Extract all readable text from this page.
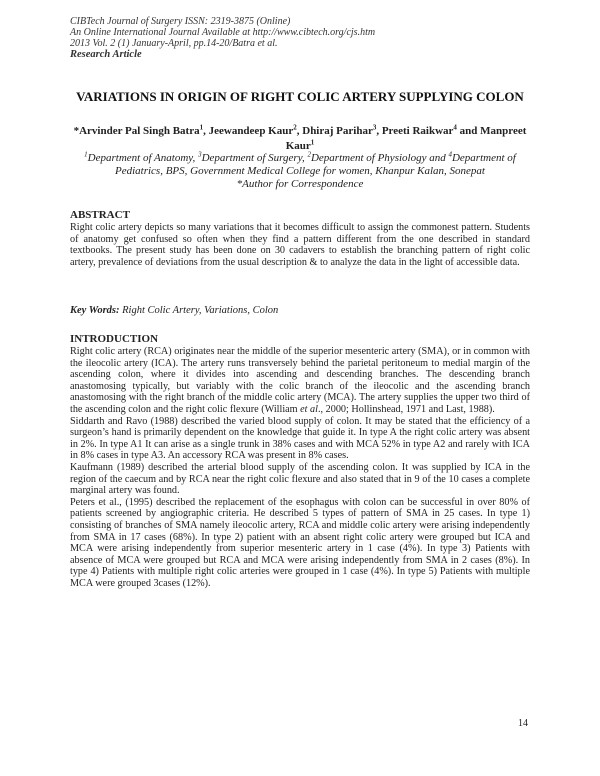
CIBTech Journal of Surgery ISSN: 2319-3875 (Online)
An Online International Journal Available at http://www.cibtech.org/cjs.htm
2013 Vol. 2 (1) January-April, pp.14-20/Batra et al.
Research Article
VARIATIONS IN ORIGIN OF RIGHT COLIC ARTERY SUPPLYING COLON
*Arvinder Pal Singh Batra$^1$, Jeewandeep Kaur$^2$, Dhiraj Parihar$^3$, Preeti Raikwar$^4$ and Manpreet Kaur$^1$
$^1$Department of Anatomy, $^3$Department of Surgery, $^2$Department of Physiology and $^4$Department of Pediatrics, BPS, Government Medical College for women, Khanpur Kalan, Sonepat
*Author for Correspondence
ABSTRACT

Right colic artery depicts so many variations that it becomes difficult to assign the commonest pattern. Students of anatomy get confused so often when they find a pattern different from the one described in standard textbooks. The present study has been done on 30 cadavers to establish the branching pattern of right colic artery, prevalence of deviations from the usual description & to analyze the data in the light of accessible data.

Key Words: Right Colic Artery, Variations, Colon
INTRODUCTION

Right colic artery (RCA) originates near the middle of the superior mesenteric artery (SMA), or in common with the ileocolic artery (ICA). The artery runs transversely behind the parietal peritoneum to medial margin of the ascending colon, where it divides into ascending and descending branches. The descending branch anastomosing typically, but variably with the colic branch of the ileocolic and the ascending branch anastomosing with the right branch of the middle colic artery (MCA). The artery supplies the upper two third of the ascending colon and the right colic flexure (William et al., 2000; Hollinshead, 1971 and Last, 1988).

Siddarth and Ravo (1988) described the varied blood supply of colon. It may be stated that the efficiency of a surgeon’s hand is primarily dependent on the knowledge that guide it. In type A the right colic artery was absent in 2%. In type A1 It can arise as a single trunk in 38% cases and with MCA 52% in type A2 and rarely with ICA in 8% cases in type A3. An accessory RCA was present in 8% cases.

Kaufmann (1989) described the arterial blood supply of the ascending colon. It was supplied by ICA in the region of the caecum and by RCA near the right colic flexure and also stated that in 9 of the 10 cases a complete marginal artery was found.

Peters et al., (1995) described the replacement of the esophagus with colon can be successful in over 80% of patients screened by angiographic criteria. He described 5 types of pattern of SMA in 25 cases. In type 1) consisting of branches of SMA namely ileocolic artery, RCA and middle colic artery were arising independently from SMA in 17 cases (68%). In type 2) patient with an absent right colic artery were grouped but ICA and MCA were arising independently from superior mesenteric artery in 1 case (4%). In type 3) Patients with absence of MCA were grouped but RCA and MCA were arising independently from SMA in 2 cases (8%). In type 4) Patients with multiple right colic arteries were grouped in 1 case (4%). In type 5) Patients with multiple MCA were grouped 3cases (12%).

14
